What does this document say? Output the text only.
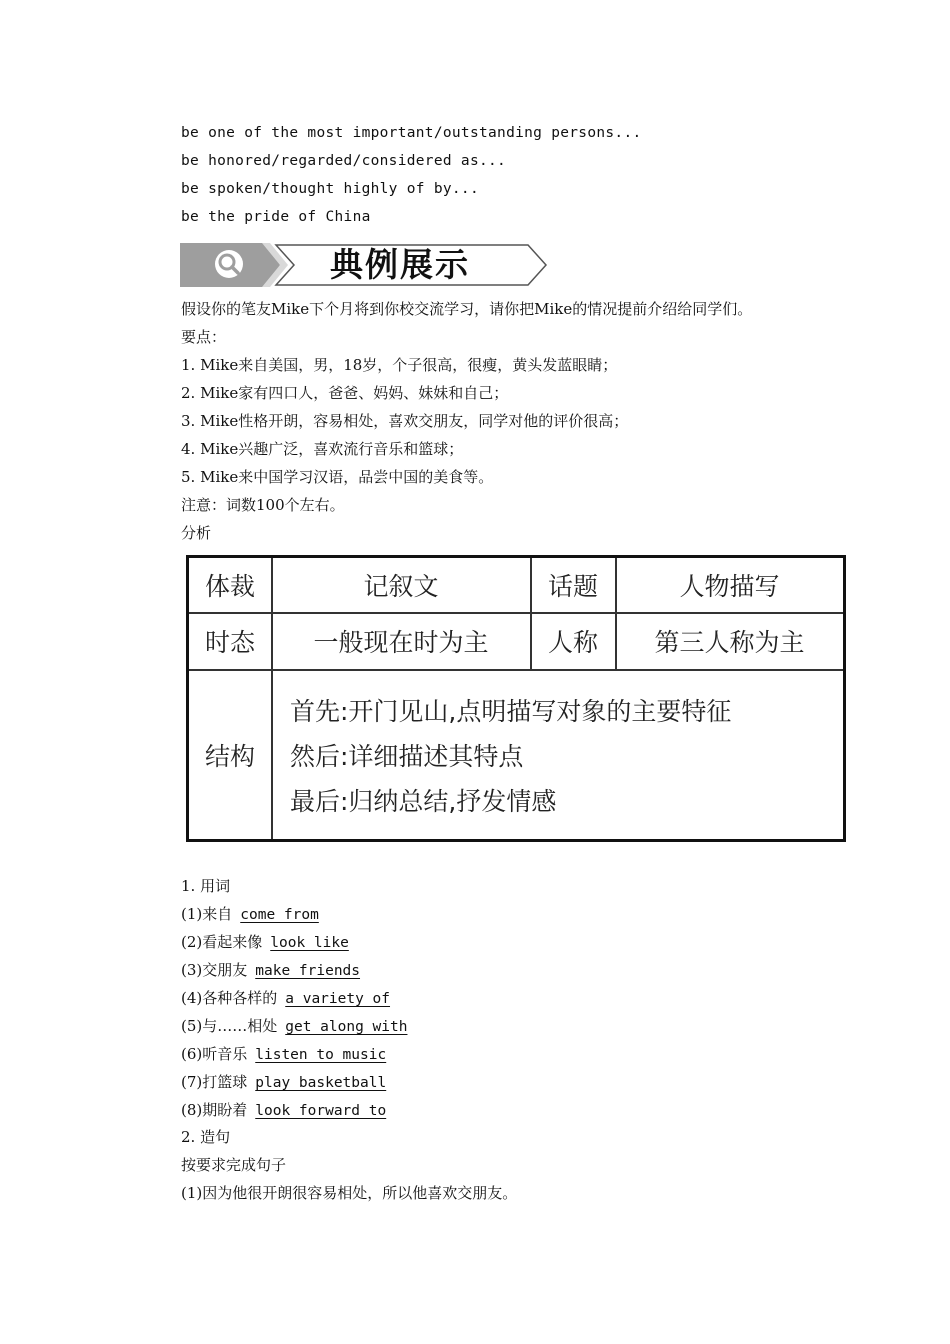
be one of the most important/outstanding persons...
be honored/regarded/considered as...
be spoken/thought highly of by...
be the pride of China
典例展示
假设你的笔友Mike下个月将到你校交流学习，请你把Mike的情况提前介绍给同学们。
要点：
1. Mike来自美国，男，18岁，个子很高，很瘦，黄头发蓝眼睛；
2. Mike家有四口人，爸爸、妈妈、妹妹和自己；
3. Mike性格开朗，容易相处，喜欢交朋友，同学对他的评价很高；
4. Mike兴趣广泛，喜欢流行音乐和篮球；
5. Mike来中国学习汉语，品尝中国的美食等。
注意：词数100个左右。
分析
体裁	记叙文	话题	人物描写
时态	一般现在时为主	人称	第三人称为主
结构
首先:开门见山,点明描写对象的主要特征
然后:详细描述其特点
最后:归纳总结,抒发情感
1. 用词
(1)来自 come from
(2)看起来像 look like
(3)交朋友 make friends
(4)各种各样的 a variety of
(5)与……相处 get along with
(6)听音乐 listen to music
(7)打篮球 play basketball
(8)期盼着 look forward to
2. 造句
按要求完成句子
(1)因为他很开朗很容易相处，所以他喜欢交朋友。
